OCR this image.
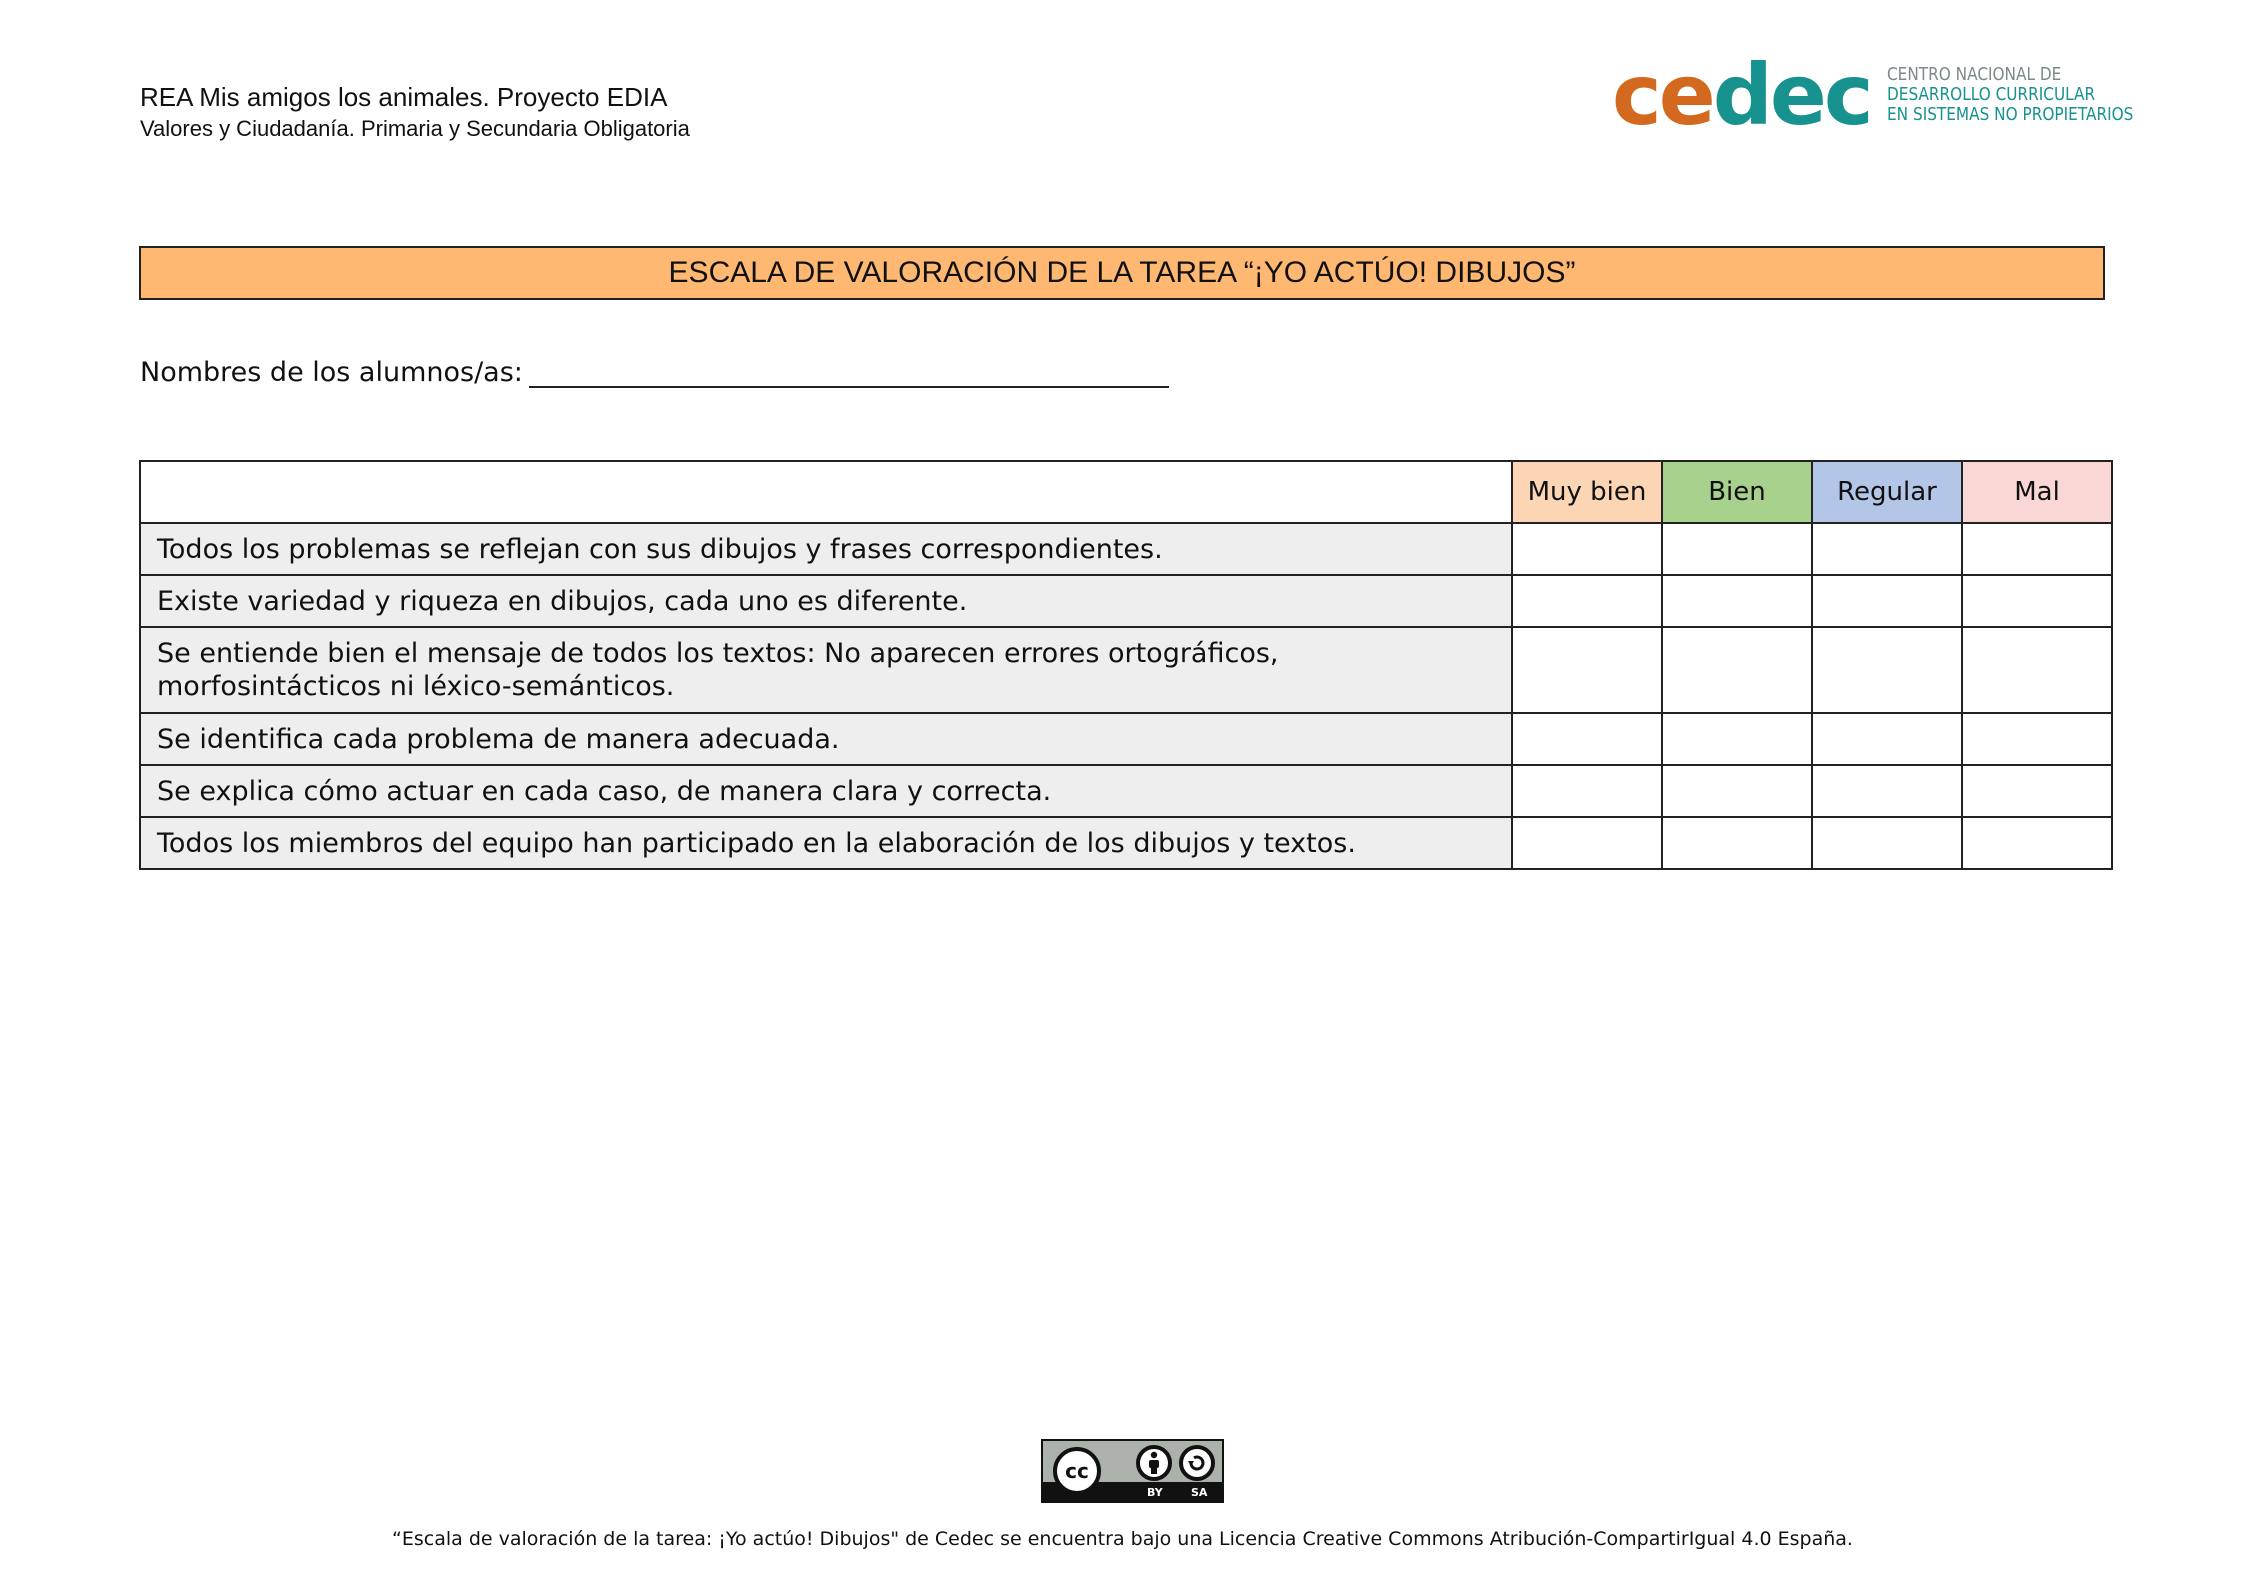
REA Mis amigos los animales. Proyecto EDIA
Valores y Ciudadanía. Primaria y Secundaria Obligatoria	cedec CENTRO NACIONAL DE
DESARROLLO CURRICULAR
EN SISTEMAS NO PROPIETARIOS
ESCALA DE VALORACIÓN DE LA TAREA “¡YO ACTÚO! DIBUJOS”
Nombres de los alumnos/as:
	Muy bien	Bien	Regular	Mal
Todos los problemas se reflejan con sus dibujos y frases correspondientes.				
Existe variedad y riqueza en dibujos, cada uno es diferente.				
Se entiende bien el mensaje de todos los textos: No aparecen errores ortográficos, morfosintácticos ni léxico-semánticos.				
Se identifica cada problema de manera adecuada.				
Se explica cómo actuar en cada caso, de manera clara y correcta.				
Todos los miembros del equipo han participado en la elaboración de los dibujos y textos.				
cc
BY	SA
“Escala de valoración de la tarea: ¡Yo actúo! Dibujos" de Cedec se encuentra bajo una Licencia Creative Commons Atribución-CompartirIgual 4.0 España.
